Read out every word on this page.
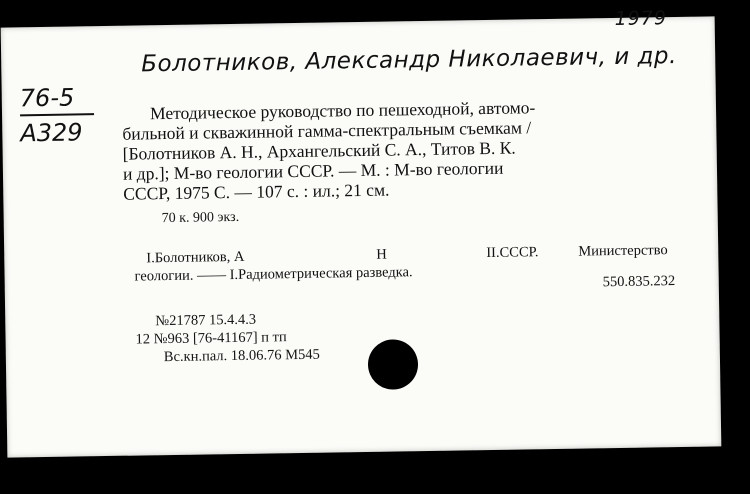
1979
Болотников, Александр Николаевич, и др.
76-5
А329
Методическое руководство по пешеходной, автомо-
бильной и скважинной гамма-спектральным съемкам /
[Болотников А. Н., Архангельский С. А., Титов В. К.
и др.]; М-во геологии СССР. — М. : М-во геологии
СССР, 1975 С. — 107 с. : ил.; 21 см.
70 к. 900 экз.
I.Болотников, А	Н	II.СССР.	Министерство
геологии. —— I.Радиометрическая разведка.	550.835.232
№21787 15.4.4.3
12 №963 [76-41167] п тп
Вс.кн.пал. 18.06.76 М545
